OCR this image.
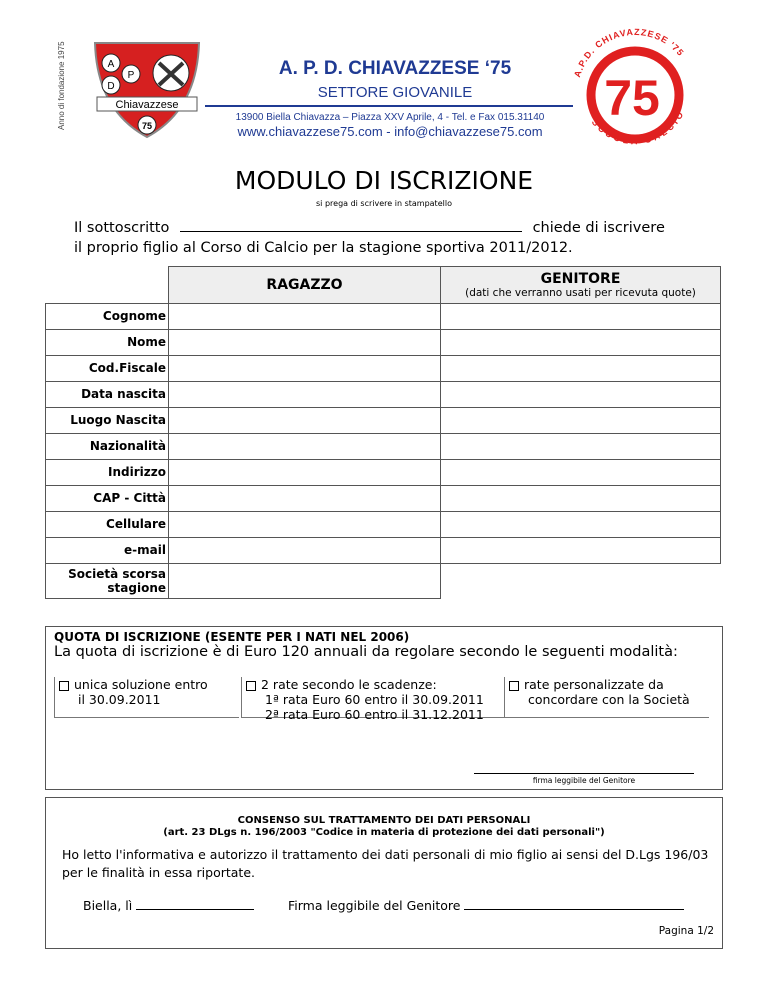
Anno di fondazione 1975	A
P
D
Chiavazzese
75
A. P. D. CHIAVAZZESE ‘75
SETTORE GIOVANILE
13900 Biella Chiavazza – Piazza XXV Aprile, 4 - Tel. e Fax 015.31140
www.chiavazzese75.com - info@chiavazzese75.com
A.P.D. CHIAVAZZESE '75
SCUOLA CALCIO
75
MODULO DI ISCRIZIONE
si prega di scrivere in stampatello
Il sottoscritto	chiede di iscrivere
il proprio figlio al Corso di Calcio per la stagione sportiva 2011/2012.
	RAGAZZO	GENITORE
(dati che verranno usati per ricevuta quote)

Cognome		
Nome		
Cod.Fiscale		
Data nascita		
Luogo Nascita		
Nazionalità		
Indirizzo		
CAP - Città		
Cellulare		
e-mail		
Società scorsa stagione		
QUOTA DI ISCRIZIONE (ESENTE PER I NATI NEL 2006)
La quota di iscrizione è di Euro 120 annuali da regolare secondo le seguenti modalità:
unica soluzione entro
il 30.09.2011
2 rate secondo le scadenze:
1ª rata Euro 60 entro il 30.09.2011
2ª rata Euro 60 entro il 31.12.2011
rate personalizzate da
concordare con la Società
firma leggibile del Genitore
CONSENSO SUL TRATTAMENTO DEI DATI PERSONALI
(art. 23 DLgs n. 196/2003 "Codice in materia di protezione dei dati personali")
Ho letto l'informativa e autorizzo il trattamento dei dati personali di mio figlio ai sensi del D.Lgs 196/03 per le finalità in essa riportate.
Biella, lì	Firma leggibile del Genitore
Pagina 1/2
